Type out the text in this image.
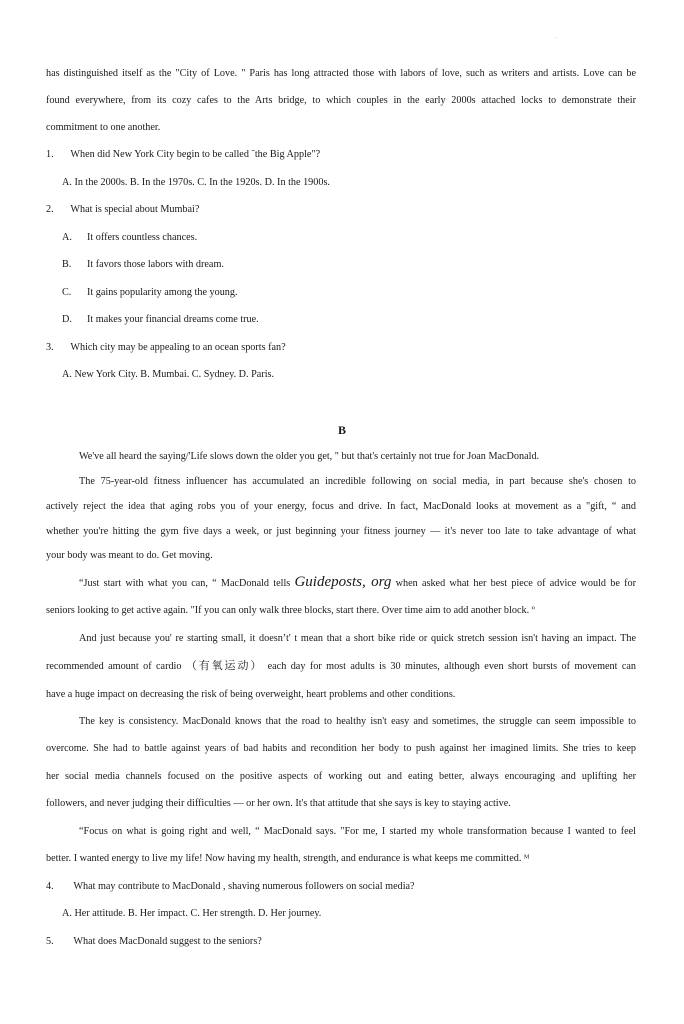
.
has distinguished itself as the "City of Love. " Paris has long attracted those with labors of love, such as writers and artists. Love can be
found everywhere, from its cozy cafes to the Arts bridge, to which couples in the early 2000s attached locks to demonstrate their
commitment to one another.
1. When did New York City begin to be called ˜the Big Apple"?
A. In the 2000s. B. In the 1970s. C. In the 1920s. D. In the 1900s.
2. What is special about Mumbai?
A. It offers countless chances.
B. It favors those labors with dream.
C. It gains popularity among the young.
D. It makes your financial dreams come true.
3. Which city may be appealing to an ocean sports fan?
A. New York City. B. Mumbai. C. Sydney. D. Paris.
B
We've all heard the saying/'Life slows down the older you get, " but that's certainly not true for Joan MacDonald.
The 75-year-old fitness influencer has accumulated an incredible following on social media, in part because she's chosen to
actively reject the idea that aging robs you of your energy, focus and drive. In fact, MacDonald looks at movement as a "gift, “ and
whether you're hitting the gym five days a week, or just beginning your fitness journey — it's never too late to take advantage of what
your body was meant to do. Get moving.
“Just start with what you can, “ MacDonald tells Guideposts, org when asked what her best piece of advice would be for
seniors looking to get active again. "If you can only walk three blocks, start there. Over time aim to add another block. º
And just because you' re starting small, it doesn’t' t mean that a short bike ride or quick stretch session isn't having an impact. The
recommended amount of cardio （有氧运动） each day for most adults is 30 minutes, although even short bursts of movement can
have a huge impact on decreasing the risk of being overweight, heart problems and other conditions.
The key is consistency. MacDonald knows that the road to healthy isn't easy and sometimes, the struggle can seem impossible to
overcome. She had to battle against years of bad habits and recondition her body to push against her imagined limits. She tries to keep
her social media channels focused on the positive aspects of working out and eating better, always encouraging and uplifting her
followers, and never judging their difficulties — or her own. It's that attitude that she says is key to staying active.
“Focus on what is going right and well, “ MacDonald says. "For me, I started my whole transformation because I wanted to feel
better. I wanted energy to live my life! Now having my health, strength, and endurance is what keeps me committed. ᴹ
4. What may contribute to MacDonald , shaving numerous followers on social media?
A. Her attitude. B. Her impact. C. Her strength. D. Her journey.
5. What does MacDonald suggest to the seniors?
